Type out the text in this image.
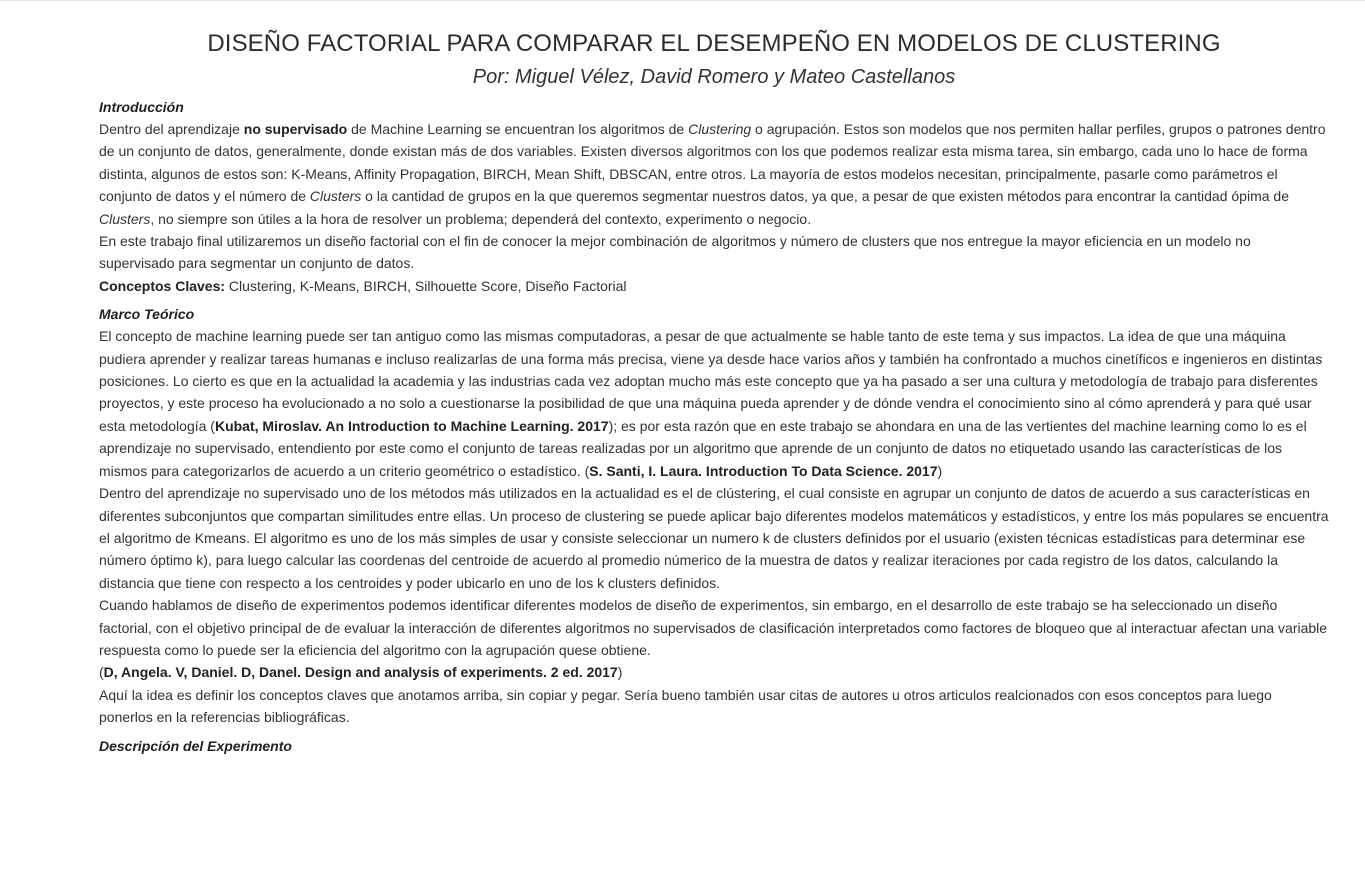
DISEÑO FACTORIAL PARA COMPARAR EL DESEMPEÑO EN MODELOS DE CLUSTERING
Por: Miguel Vélez, David Romero y Mateo Castellanos
Introducción

Dentro del aprendizaje no supervisado de Machine Learning se encuentran los algoritmos de Clustering o agrupación. Estos son modelos que nos permiten hallar perfiles, grupos o patrones dentro de un conjunto de datos, generalmente, donde existan más de dos variables. Existen diversos algoritmos con los que podemos realizar esta misma tarea, sin embargo, cada uno lo hace de forma distinta, algunos de estos son: K-Means, Affinity Propagation, BIRCH, Mean Shift, DBSCAN, entre otros. La mayoría de estos modelos necesitan, principalmente, pasarle como parámetros el conjunto de datos y el número de Clusters o la cantidad de grupos en la que queremos segmentar nuestros datos, ya que, a pesar de que existen métodos para encontrar la cantidad ópima de Clusters, no siempre son útiles a la hora de resolver un problema; dependerá del contexto, experimento o negocio.

En este trabajo final utilizaremos un diseño factorial con el fin de conocer la mejor combinación de algoritmos y número de clusters que nos entregue la mayor eficiencia en un modelo no supervisado para segmentar un conjunto de datos.

Conceptos Claves: Clustering, K-Means, BIRCH, Silhouette Score, Diseño Factorial

Marco Teórico

El concepto de machine learning puede ser tan antiguo como las mismas computadoras, a pesar de que actualmente se hable tanto de este tema y sus impactos. La idea de que una máquina pudiera aprender y realizar tareas humanas e incluso realizarlas de una forma más precisa, viene ya desde hace varios años y también ha confrontado a muchos cinetíficos e ingenieros en distintas posiciones. Lo cierto es que en la actualidad la academia y las industrias cada vez adoptan mucho más este concepto que ya ha pasado a ser una cultura y metodología de trabajo para disferentes proyectos, y este proceso ha evolucionado a no solo a cuestionarse la posibilidad de que una máquina pueda aprender y de dónde vendra el conocimiento sino al cómo aprenderá y para qué usar esta metodología (Kubat, Miroslav. An Introduction to Machine Learning. 2017); es por esta razón que en este trabajo se ahondara en una de las vertientes del machine learning como lo es el aprendizaje no supervisado, entendiento por este como el conjunto de tareas realizadas por un algoritmo que aprende de un conjunto de datos no etiquetado usando las características de los mismos para categorizarlos de acuerdo a un criterio geométrico o estadístico. (S. Santi, I. Laura. Introduction To Data Science. 2017)

Dentro del aprendizaje no supervisado uno de los métodos más utilizados en la actualidad es el de clústering, el cual consiste en agrupar un conjunto de datos de acuerdo a sus características en diferentes subconjuntos que compartan similitudes entre ellas. Un proceso de clustering se puede aplicar bajo diferentes modelos matemáticos y estadísticos, y entre los más populares se encuentra el algoritmo de Kmeans. El algoritmo es uno de los más simples de usar y consiste seleccionar un numero k de clusters definidos por el usuario (existen técnicas estadísticas para determinar ese número óptimo k), para luego calcular las coordenas del centroide de acuerdo al promedio númerico de la muestra de datos y realizar iteraciones por cada registro de los datos, calculando la distancia que tiene con respecto a los centroides y poder ubicarlo en uno de los k clusters definidos.

Cuando hablamos de diseño de experimentos podemos identificar diferentes modelos de diseño de experimentos, sin embargo, en el desarrollo de este trabajo se ha seleccionado un diseño factorial, con el objetivo principal de de evaluar la interacción de diferentes algoritmos no supervisados de clasificación interpretados como factores de bloqueo que al interactuar afectan una variable respuesta como lo puede ser la eficiencia del algoritmo con la agrupación quese obtiene.

(D, Angela. V, Daniel. D, Danel. Design and analysis of experiments. 2 ed. 2017)

Aquí la idea es definir los conceptos claves que anotamos arriba, sin copiar y pegar. Sería bueno también usar citas de autores u otros articulos realcionados con esos conceptos para luego ponerlos en la referencias bibliográficas.

Descripción del Experimento
